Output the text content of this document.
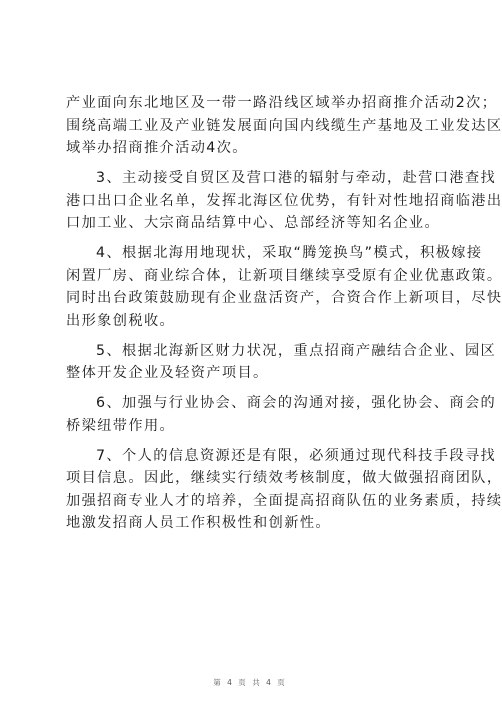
产业面向东北地区及一带一路沿线区域举办招商推介活动2次；
围绕高端工业及产业链发展面向国内线缆生产基地及工业发达区
域举办招商推介活动4次。
3、主动接受自贸区及营口港的辐射与牵动，赴营口港查找
港口出口企业名单，发挥北海区位优势，有针对性地招商临港出
口加工业、大宗商品结算中心、总部经济等知名企业。
4、根据北海用地现状，采取“腾笼换鸟”模式，积极嫁接
闲置厂房、商业综合体，让新项目继续享受原有企业优惠政策。
同时出台政策鼓励现有企业盘活资产，合资合作上新项目，尽快
出形象创税收。
5、根据北海新区财力状况，重点招商产融结合企业、园区
整体开发企业及轻资产项目。
6、加强与行业协会、商会的沟通对接，强化协会、商会的
桥梁纽带作用。
7、个人的信息资源还是有限，必须通过现代科技手段寻找
项目信息。因此，继续实行绩效考核制度，做大做强招商团队，
加强招商专业人才的培养，全面提高招商队伍的业务素质，持续
地激发招商人员工作积极性和创新性。
第 4 页 共 4 页
